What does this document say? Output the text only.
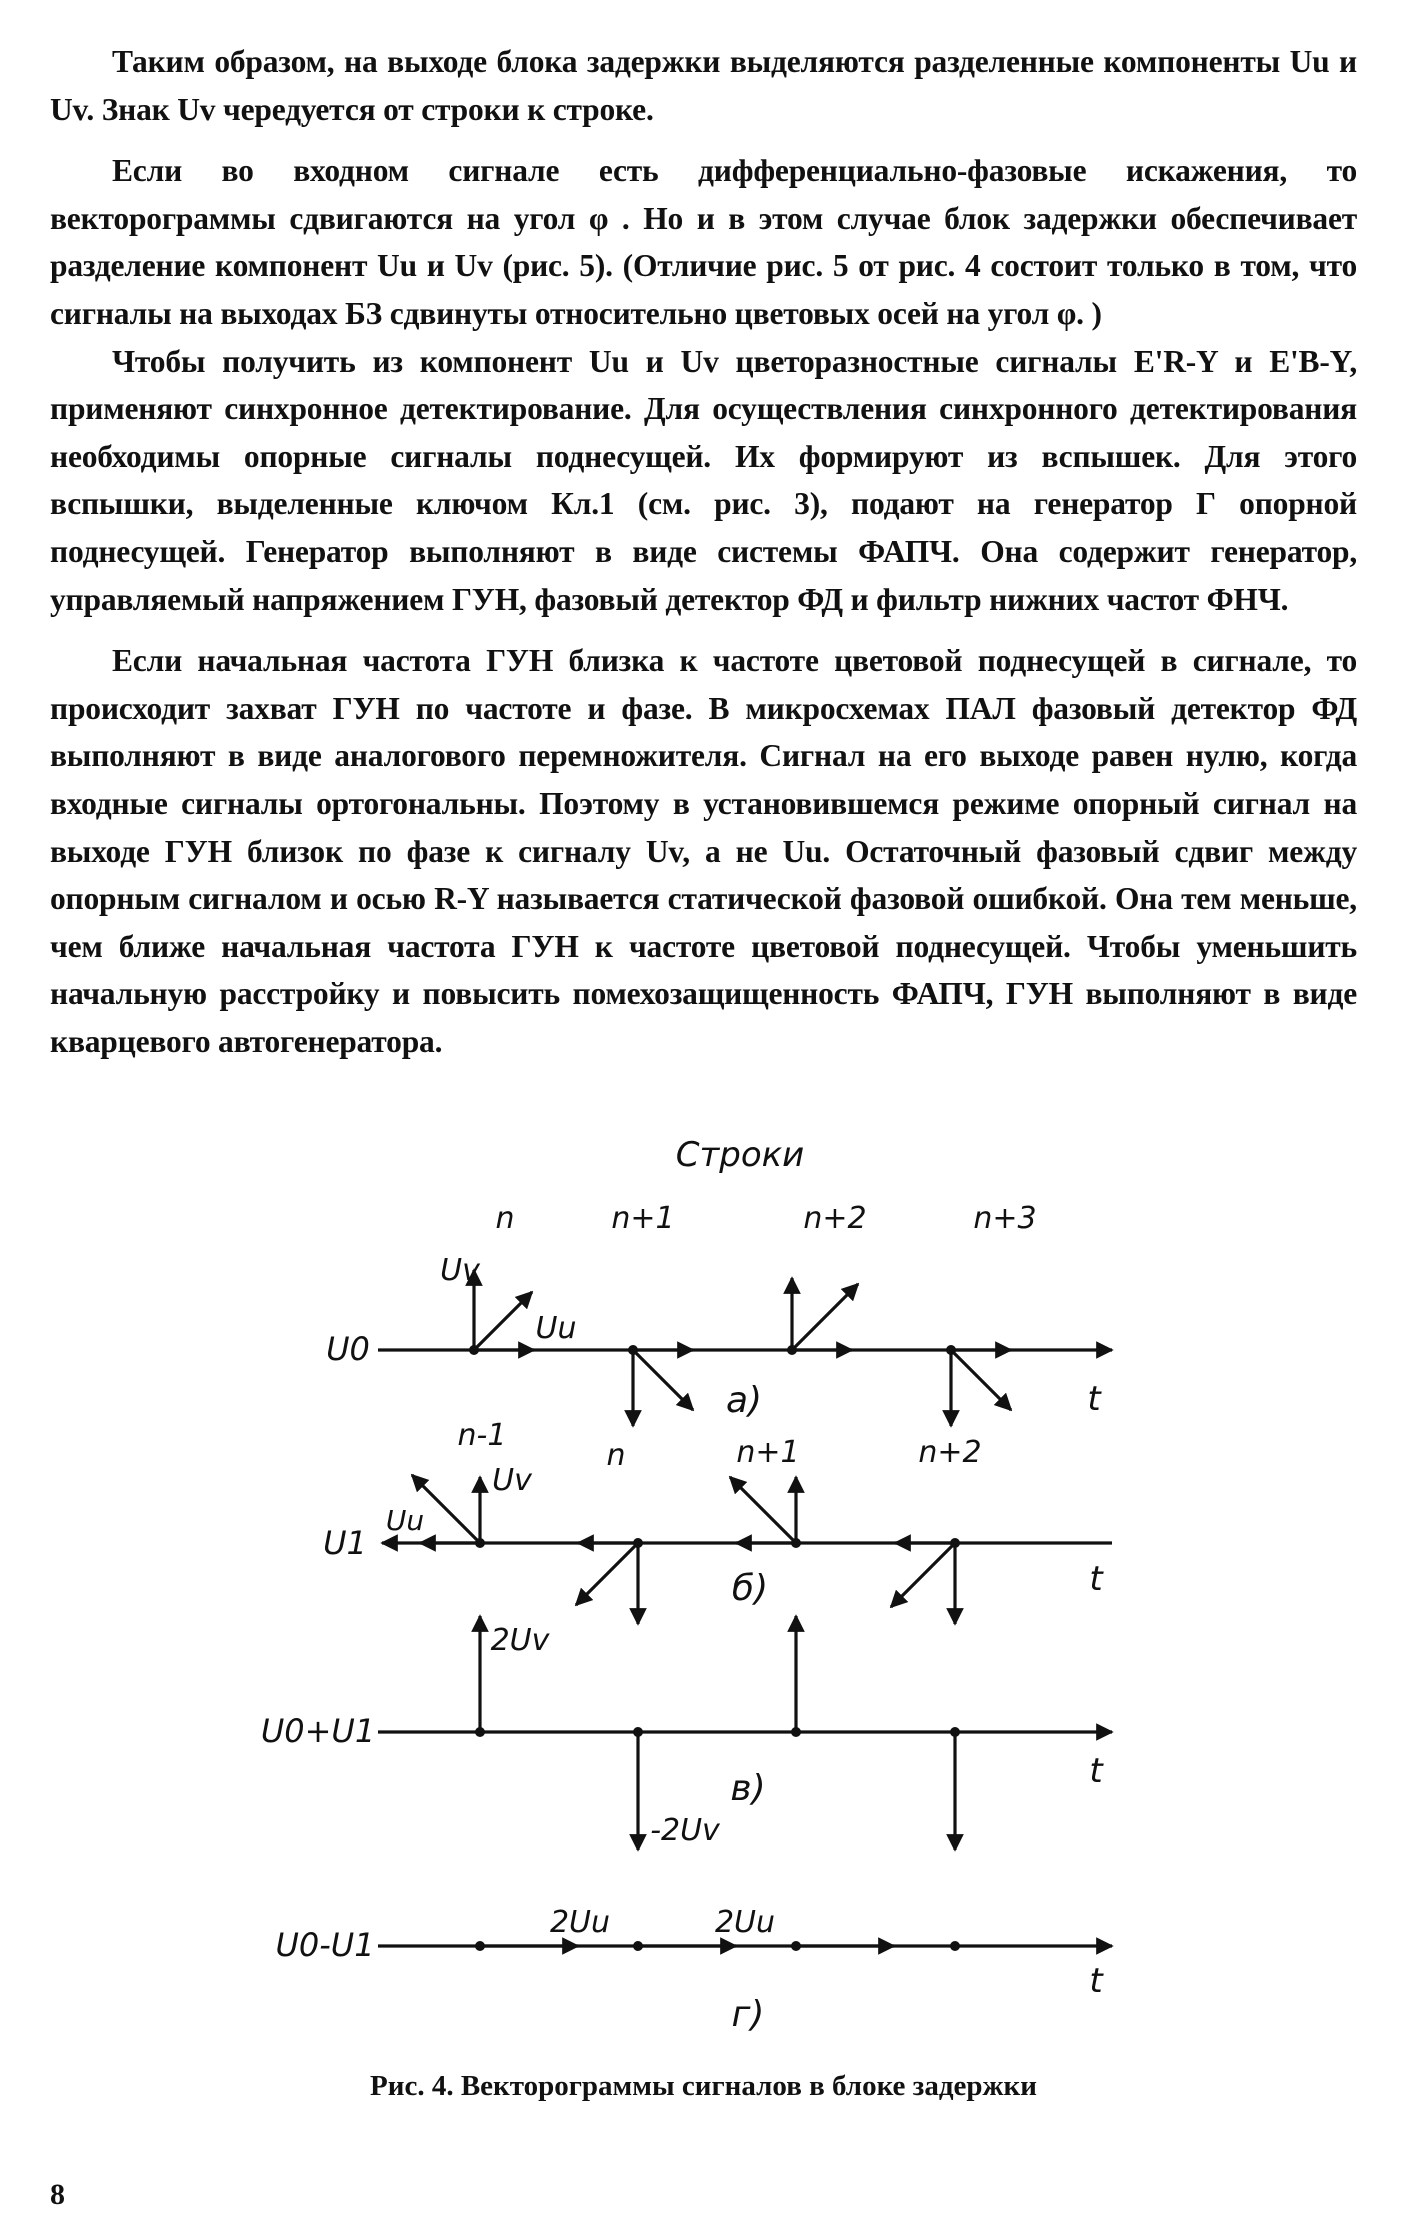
Таким образом, на выходе блока задержки выделяются разделенные компоненты Uu и Uv. Знак Uv чередуется от строки к строке.

Если во входном сигнале есть дифференциально-фазовые искажения, то векторограммы сдвигаются на угол φ . Но и в этом случае блок задержки обеспечивает разделение компонент Uu и Uv (рис. 5). (Отличие рис. 5 от рис. 4 состоит только в том, что сигналы на выходах БЗ сдвинуты относительно цветовых осей на угол φ. )

Чтобы получить из компонент Uu и Uv цветоразностные сигналы E'R-Y и E'B-Y, применяют синхронное детектирование. Для осуществления синхронного детектирования необходимы опорные сигналы поднесущей. Их формируют из вспышек. Для этого вспышки, выделенные ключом Кл.1 (см. рис. 3), подают на генератор Г опорной поднесущей. Генератор выполняют в виде системы ФАПЧ. Она содержит генератор, управляемый напряжением ГУН, фазовый детектор ФД и фильтр нижних частот ФНЧ.

Если начальная частота ГУН близка к частоте цветовой поднесущей в сигнале, то происходит захват ГУН по частоте и фазе. В микросхемах ПАЛ фазовый детектор ФД выполняют в виде аналогового перемножителя. Сигнал на его выходе равен нулю, когда входные сигналы ортогональны. Поэтому в установившемся режиме опорный сигнал на выходе ГУН близок по фазе к сигналу Uv, а не Uu. Остаточный фазовый сдвиг между опорным сигналом и осью R-Y называется статической фазовой ошибкой. Она тем меньше, чем ближе начальная частота ГУН к частоте цветовой поднесущей. Чтобы уменьшить начальную расстройку и повысить помехозащищенность ФАПЧ, ГУН выполняют в виде кварцевого автогенератора.

Строки
n	n+1	n+2	n+3
Uv
Uu
U0
а)	t
n-1
n	n+1	n+2
Uv
Uu
U1
б)	t
2Uv
-2Uv
U0+U1
в)	t
2Uu	2Uu
U0-U1
г)
t
Рис. 4. Векторограммы сигналов в блоке задержки
8
